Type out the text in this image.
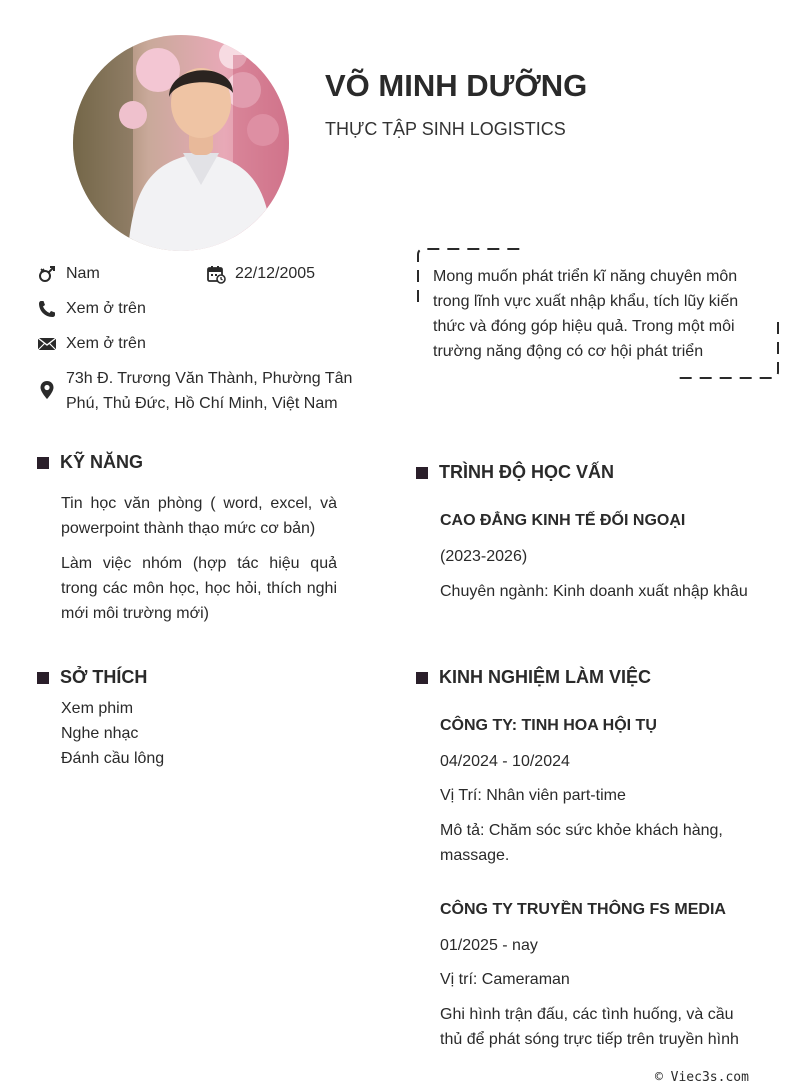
VÕ MINH DƯỠNG
THỰC TẬP SINH LOGISTICS
Nam	22/12/2005
Xem ở trên
Xem ở trên
73h Đ. Trương Văn Thành, Phường Tân
Phú, Thủ Đức, Hồ Chí Minh, Việt Nam
Mong muốn phát triển kĩ năng chuyên môn trong lĩnh vực xuất nhập khẩu, tích lũy kiến thức và đóng góp hiệu quả. Trong một môi trường năng động có cơ hội phát triển
KỸ NĂNG
Tin học văn phòng ( word, excel, và powerpoint thành thạo mức cơ bản)
Làm việc nhóm (hợp tác hiệu quả trong các môn học, học hỏi, thích nghi mới môi trường mới)
SỞ THÍCH
Xem phim
Nghe nhạc
Đánh cầu lông
TRÌNH ĐỘ HỌC VẤN
CAO ĐẲNG KINH TẾ ĐỐI NGOẠI
(2023-2026)
Chuyên ngành: Kinh doanh xuất nhập khâu
KINH NGHIỆM LÀM VIỆC
CÔNG TY: TINH HOA HỘI TỤ
04/2024 - 10/2024
Vị Trí: Nhân viên part-time
Mô tả: Chăm sóc sức khỏe khách hàng,
massage.
CÔNG TY TRUYỀN THÔNG FS MEDIA
01/2025 - nay
Vị trí: Cameraman
Ghi hình trận đấu, các tình huống, và cầu
thủ để phát sóng trực tiếp trên truyền hình
© Viec3s.com
